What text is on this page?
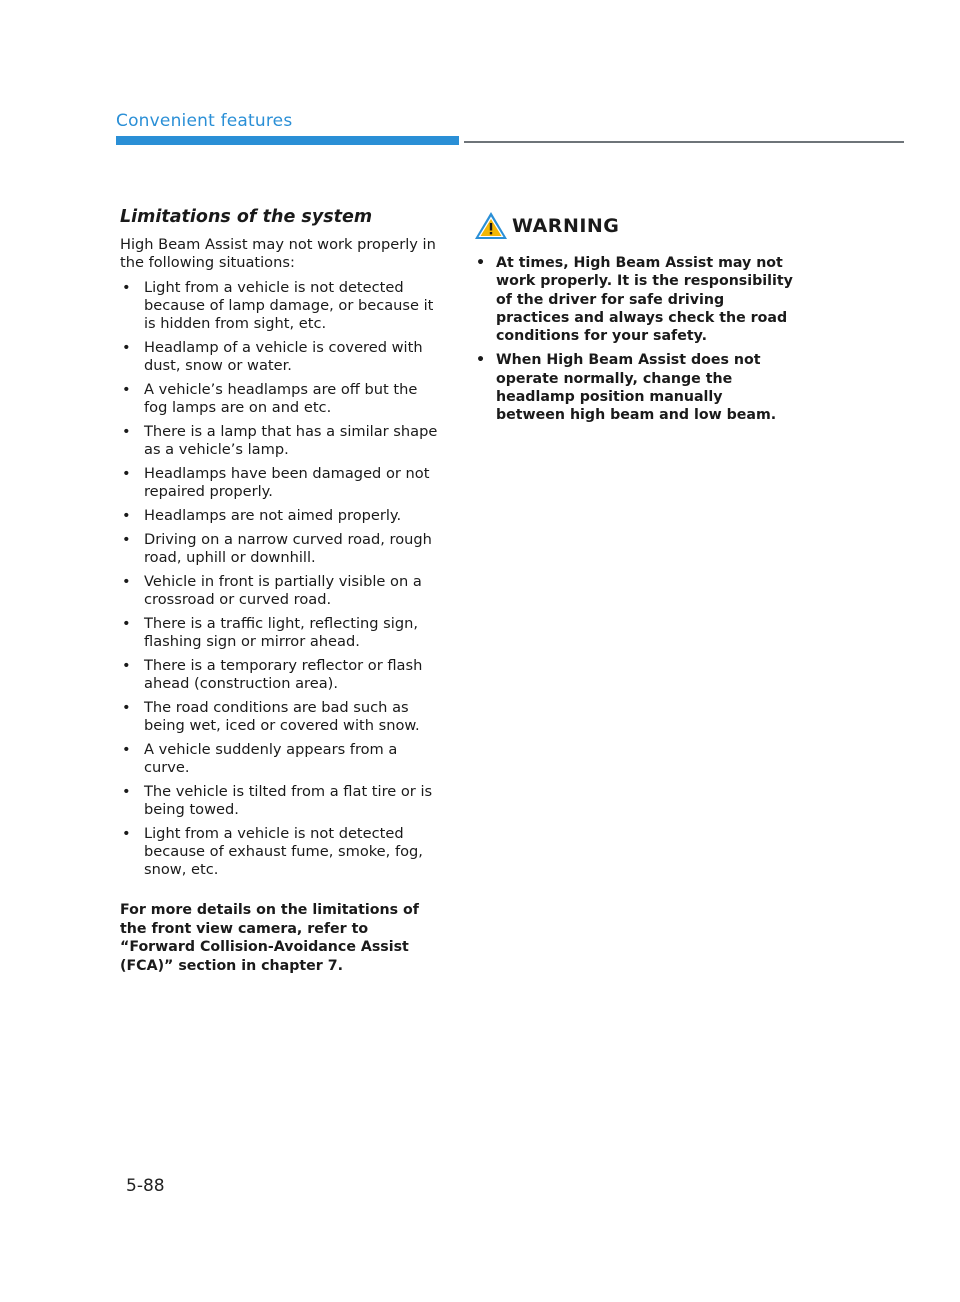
Convenient features
Limitations of the system

High Beam Assist may not work properly in the following situations:

• Light from a vehicle is not detected because of lamp damage, or because it is hidden from sight, etc.
• Headlamp of a vehicle is covered with dust, snow or water.
• A vehicle’s headlamps are off but the fog lamps are on and etc.
• There is a lamp that has a similar shape as a vehicle’s lamp.
• Headlamps have been damaged or not repaired properly.
• Headlamps are not aimed properly.
• Driving on a narrow curved road, rough road, uphill or downhill.
• Vehicle in front is partially visible on a crossroad or curved road.
• There is a traffic light, reflecting sign, flashing sign or mirror ahead.
• There is a temporary reflector or flash ahead (construction area).
• The road conditions are bad such as being wet, iced or covered with snow.
• A vehicle suddenly appears from a curve.
• The vehicle is tilted from a flat tire or is being towed.
• Light from a vehicle is not detected because of exhaust fume, smoke, fog, snow, etc.

For more details on the limitations of the front view camera, refer to “Forward Collision-Avoidance Assist (FCA)” section in chapter 7.

WARNING
• At times, High Beam Assist may not work properly. It is the responsibility of the driver for safe driving practices and always check the road conditions for your safety.
• When High Beam Assist does not operate normally, change the headlamp position manually between high beam and low beam.
5-88
